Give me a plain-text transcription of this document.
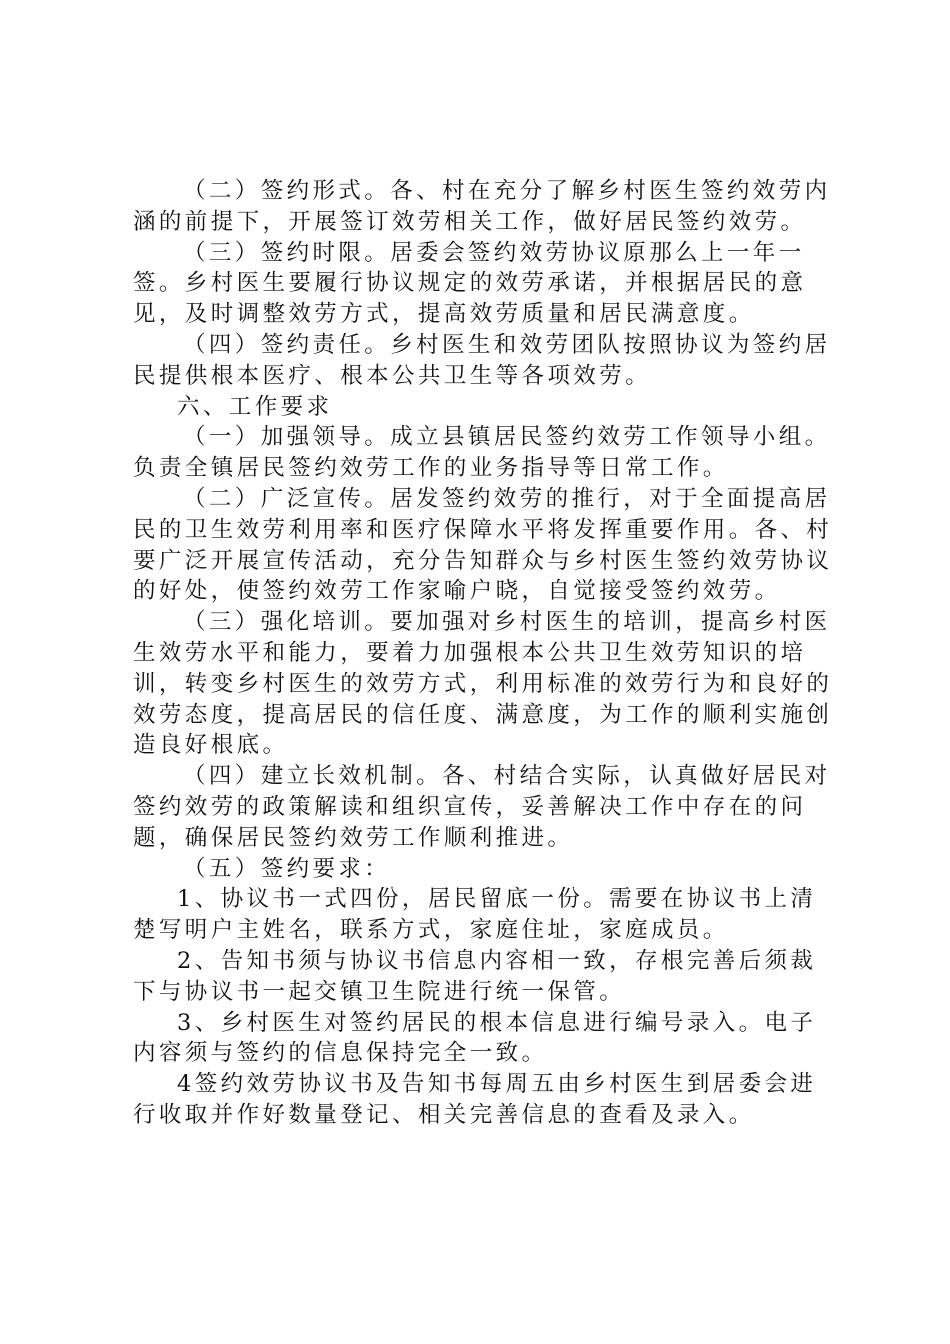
（二）签约形式。各、村在充分了解乡村医生签约效劳内涵的前提下，开展签订效劳相关工作，做好居民签约效劳。

（三）签约时限。居委会签约效劳协议原那么上一年一签。乡村医生要履行协议规定的效劳承诺，并根据居民的意见，及时调整效劳方式，提高效劳质量和居民满意度。

（四）签约责任。乡村医生和效劳团队按照协议为签约居民提供根本医疗、根本公共卫生等各项效劳。

六、工作要求

（一）加强领导。成立县镇居民签约效劳工作领导小组。负责全镇居民签约效劳工作的业务指导等日常工作。

（二）广泛宣传。居发签约效劳的推行，对于全面提高居民的卫生效劳利用率和医疗保障水平将发挥重要作用。各、村要广泛开展宣传活动，充分告知群众与乡村医生签约效劳协议的好处，使签约效劳工作家喻户晓，自觉接受签约效劳。

（三）强化培训。要加强对乡村医生的培训，提高乡村医生效劳水平和能力，要着力加强根本公共卫生效劳知识的培训，转变乡村医生的效劳方式，利用标准的效劳行为和良好的效劳态度，提高居民的信任度、满意度，为工作的顺利实施创造良好根底。

（四）建立长效机制。各、村结合实际，认真做好居民对签约效劳的政策解读和组织宣传，妥善解决工作中存在的问题，确保居民签约效劳工作顺利推进。

（五）签约要求：

1、协议书一式四份，居民留底一份。需要在协议书上清楚写明户主姓名，联系方式，家庭住址，家庭成员。

2、告知书须与协议书信息内容相一致，存根完善后须裁下与协议书一起交镇卫生院进行统一保管。

3、乡村医生对签约居民的根本信息进行编号录入。电子内容须与签约的信息保持完全一致。

4签约效劳协议书及告知书每周五由乡村医生到居委会进行收取并作好数量登记、相关完善信息的查看及录入。
